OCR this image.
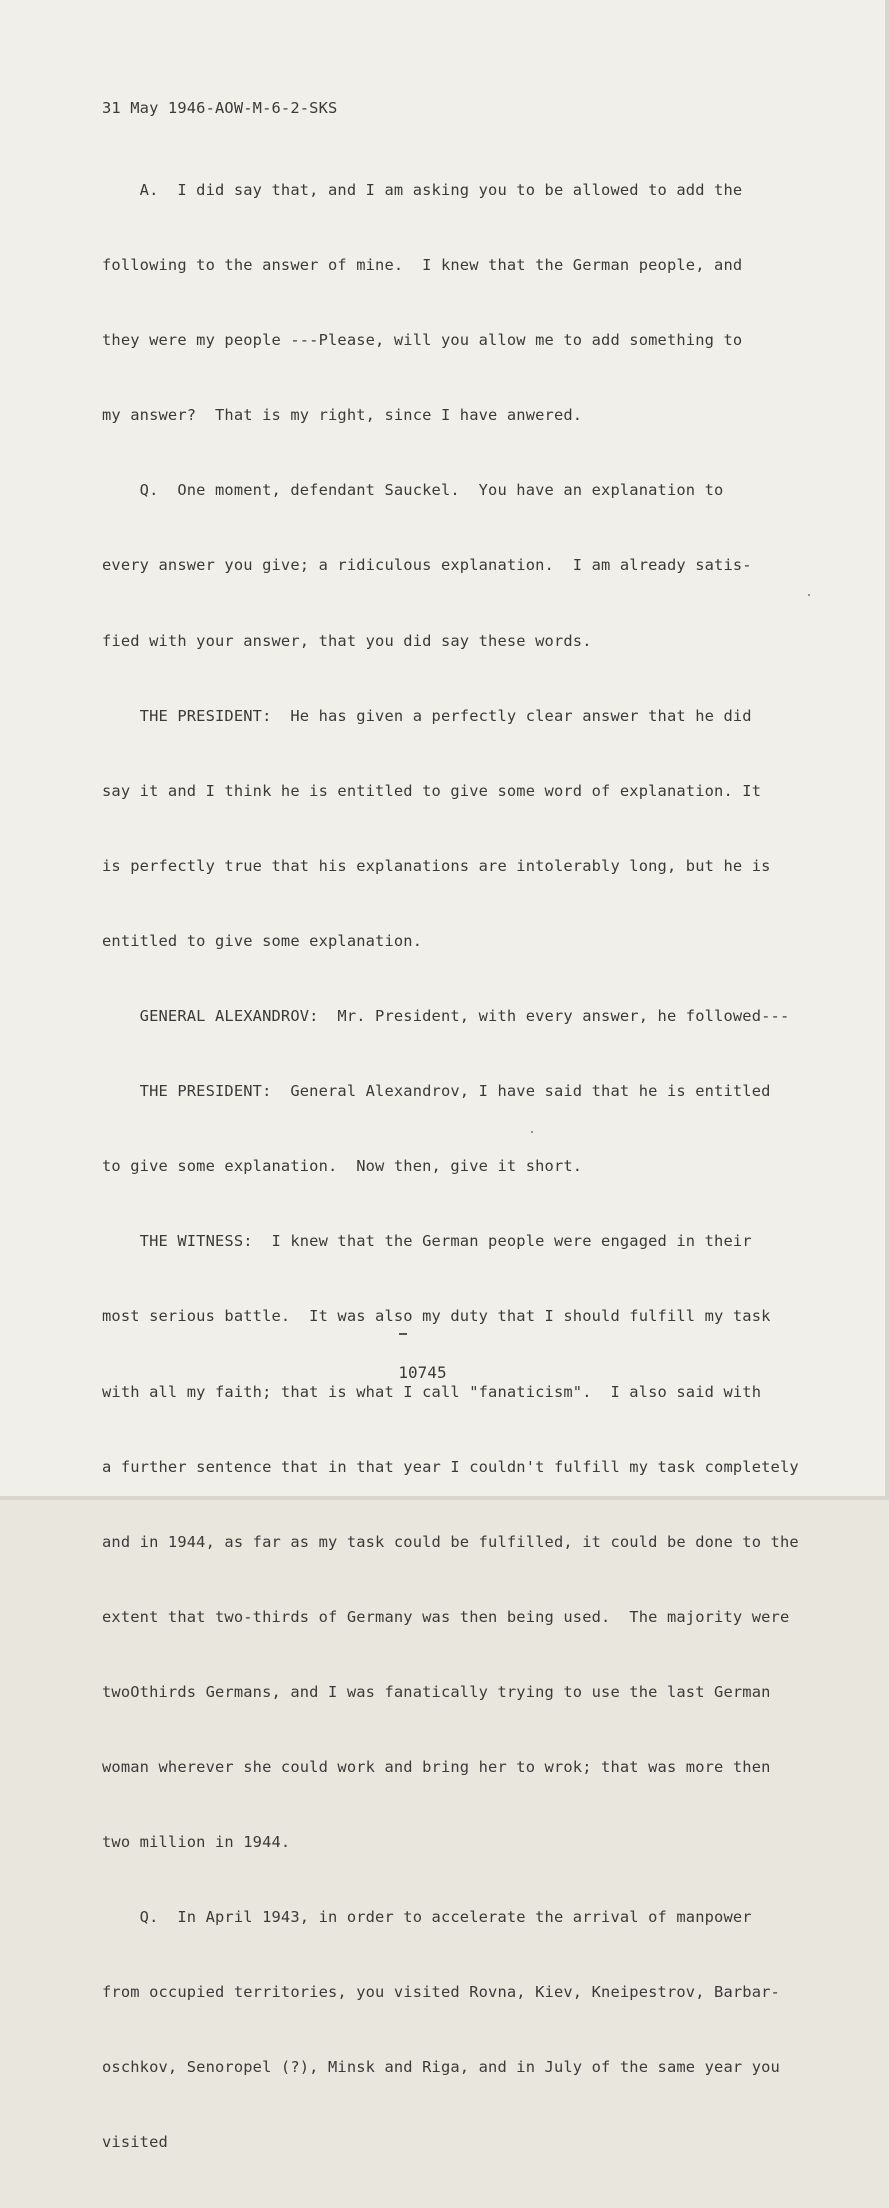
31 May 1946-AOW-M-6-2-SKS

A.  I did say that, and I am asking you to be allowed to add the

following to the answer of mine.  I knew that the German people, and

they were my people ---Please, will you allow me to add something to

my answer?  That is my right, since I have anwered.

Q.  One moment, defendant Sauckel.  You have an explanation to

every answer you give; a ridiculous explanation.  I am already satis-

fied with your answer, that you did say these words.

THE PRESIDENT:  He has given a perfectly clear answer that he did

say it and I think he is entitled to give some word of explanation. It

is perfectly true that his explanations are intolerably long, but he is

entitled to give some explanation.

GENERAL ALEXANDROV:  Mr. President, with every answer, he followed---

THE PRESIDENT:  General Alexandrov, I have said that he is entitled

to give some explanation.  Now then, give it short.

THE WITNESS:  I knew that the German people were engaged in their

most serious battle.  It was also my duty that I should fulfill my task

with all my faith; that is what I call "fanaticism".  I also said with

a further sentence that in that year I couldn't fulfill my task completely

and in 1944, as far as my task could be fulfilled, it could be done to the

extent that two-thirds of Germany was then being used.  The majority were

twoOthirds Germans, and I was fanatically trying to use the last German

woman wherever she could work and bring her to wrok; that was more then

two million in 1944.

Q.  In April 1943, in order to accelerate the arrival of manpower

from occupied territories, you visited Rovna, Kiev, Kneipestrov, Barbar-

oschkov, Senoropel (?), Minsk and Riga, and in July of the same year you

visited

10745
